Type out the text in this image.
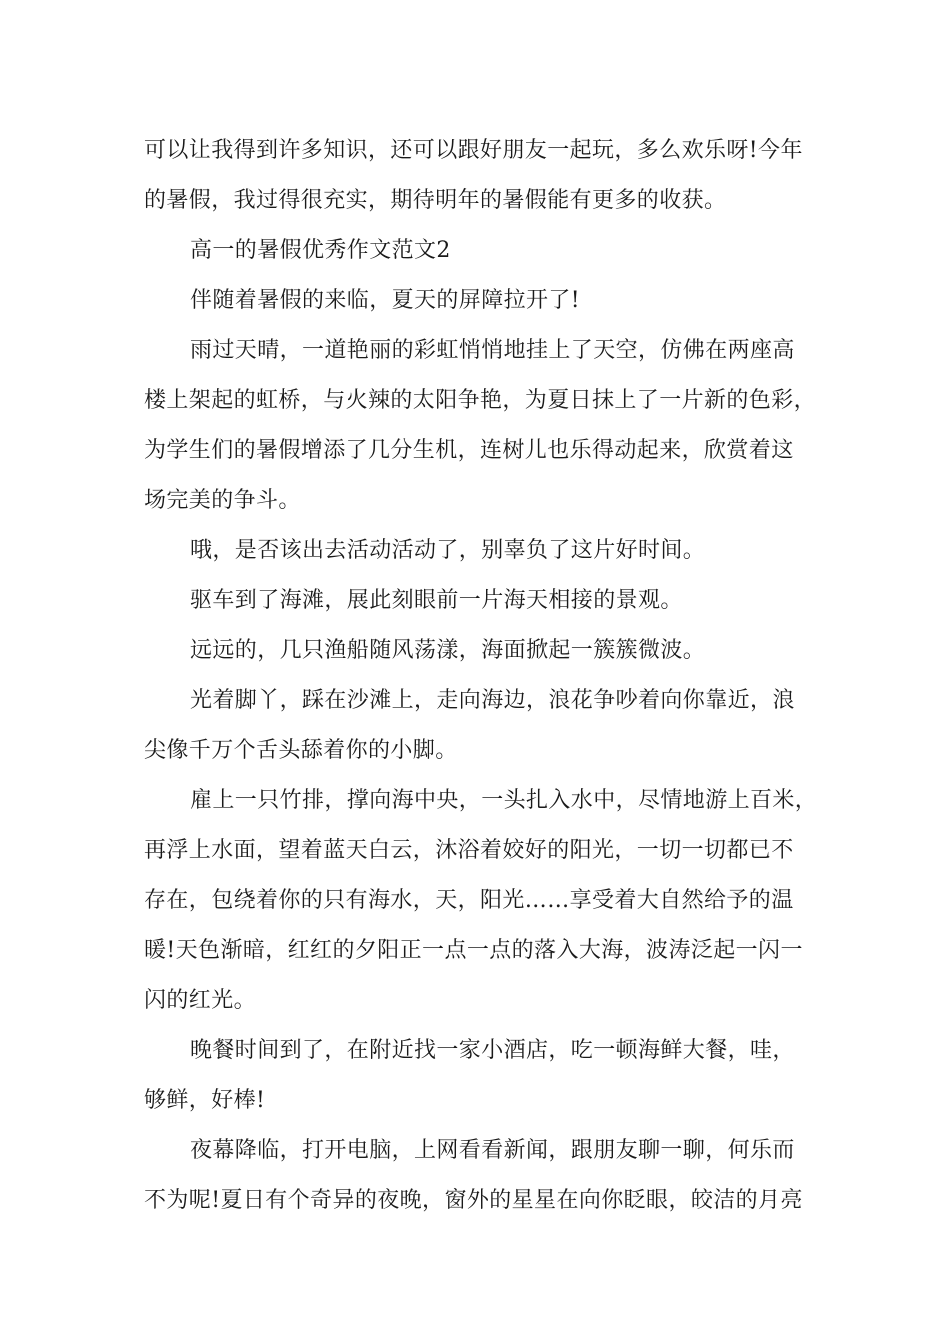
可以让我得到许多知识，还可以跟好朋友一起玩，多么欢乐呀!今年
的暑假，我过得很充实，期待明年的暑假能有更多的收获。
高一的暑假优秀作文范文2
伴随着暑假的来临，夏天的屏障拉开了!
雨过天晴，一道艳丽的彩虹悄悄地挂上了天空，仿佛在两座高
楼上架起的虹桥，与火辣的太阳争艳，为夏日抹上了一片新的色彩，
为学生们的暑假增添了几分生机，连树儿也乐得动起来，欣赏着这
场完美的争斗。
哦，是否该出去活动活动了，别辜负了这片好时间。
驱车到了海滩，展此刻眼前一片海天相接的景观。
远远的，几只渔船随风荡漾，海面掀起一簇簇微波。
光着脚丫，踩在沙滩上，走向海边，浪花争吵着向你靠近，浪
尖像千万个舌头舔着你的小脚。
雇上一只竹排，撑向海中央，一头扎入水中，尽情地游上百米，
再浮上水面，望着蓝天白云，沐浴着姣好的阳光，一切一切都已不
存在，包绕着你的只有海水，天，阳光……享受着大自然给予的温
暖!天色渐暗，红红的夕阳正一点一点的落入大海，波涛泛起一闪一
闪的红光。
晚餐时间到了，在附近找一家小酒店，吃一顿海鲜大餐，哇，
够鲜，好棒!
夜幕降临，打开电脑，上网看看新闻，跟朋友聊一聊，何乐而
不为呢!夏日有个奇异的夜晚，窗外的星星在向你眨眼，皎洁的月亮
